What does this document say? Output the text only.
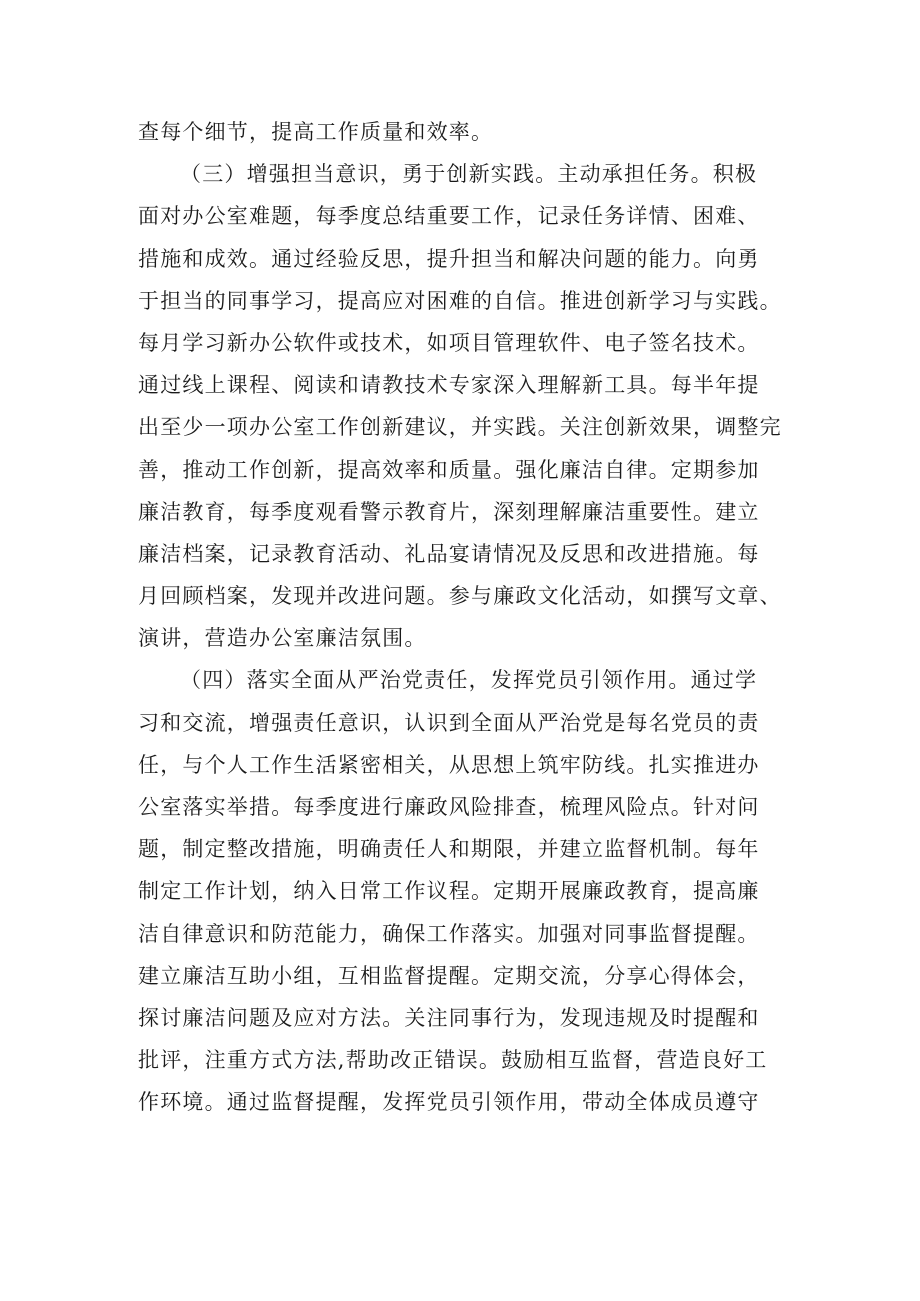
查每个细节，提高工作质量和效率。
（三）增强担当意识，勇于创新实践。主动承担任务。积极
面对办公室难题，每季度总结重要工作，记录任务详情、困难、
措施和成效。通过经验反思，提升担当和解决问题的能力。向勇
于担当的同事学习，提高应对困难的自信。推进创新学习与实践。
每月学习新办公软件或技术，如项目管理软件、电子签名技术。
通过线上课程、阅读和请教技术专家深入理解新工具。每半年提
出至少一项办公室工作创新建议，并实践。关注创新效果，调整完
善，推动工作创新，提高效率和质量。强化廉洁自律。定期参加
廉洁教育，每季度观看警示教育片，深刻理解廉洁重要性。建立
廉洁档案，记录教育活动、礼品宴请情况及反思和改进措施。每
月回顾档案，发现并改进问题。参与廉政文化活动，如撰写文章、
演讲，营造办公室廉洁氛围。
（四）落实全面从严治党责任，发挥党员引领作用。通过学
习和交流，增强责任意识，认识到全面从严治党是每名党员的责
任，与个人工作生活紧密相关，从思想上筑牢防线。扎实推进办
公室落实举措。每季度进行廉政风险排查，梳理风险点。针对问
题，制定整改措施，明确责任人和期限，并建立监督机制。每年
制定工作计划，纳入日常工作议程。定期开展廉政教育，提高廉
洁自律意识和防范能力，确保工作落实。加强对同事监督提醒。
建立廉洁互助小组，互相监督提醒。定期交流，分享心得体会，
探讨廉洁问题及应对方法。关注同事行为，发现违规及时提醒和
批评，注重方式方法,帮助改正错误。鼓励相互监督，营造良好工
作环境。通过监督提醒，发挥党员引领作用，带动全体成员遵守
